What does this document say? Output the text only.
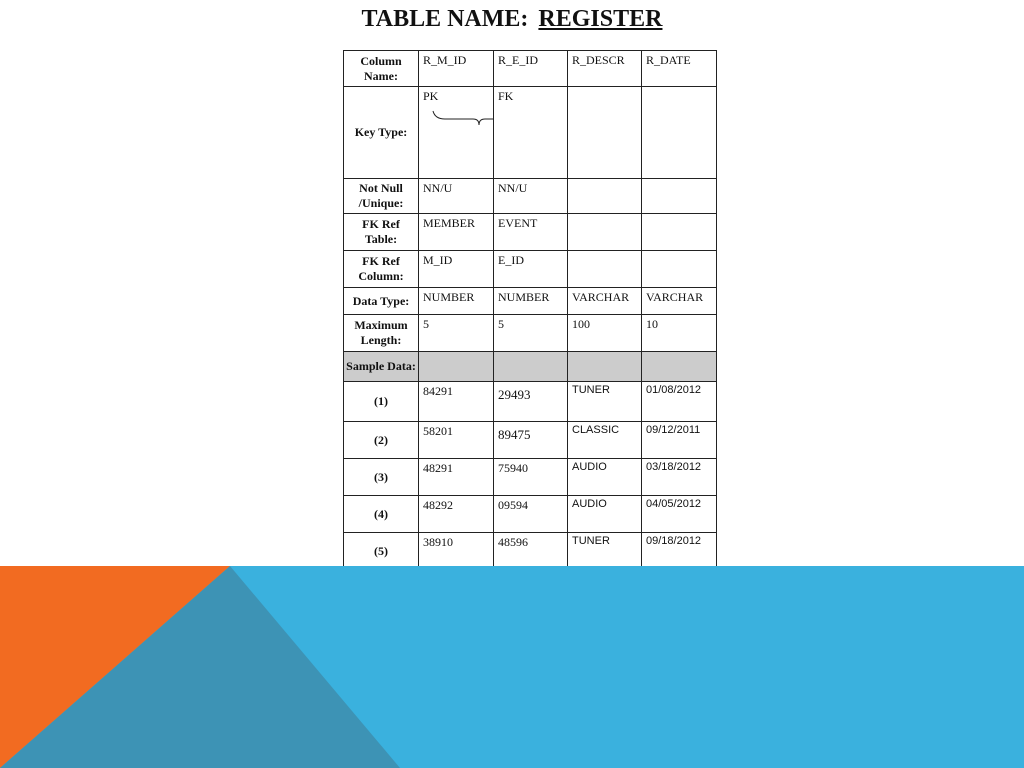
TABLE NAME: REGISTER
Column Name:	R_M_ID	R_E_ID	R_DESCR	R_DATE
Key Type:	PK	FK		
Not Null /Unique:	NN/U	NN/U		
FK Ref Table:	MEMBER	EVENT		
FK Ref Column:	M_ID	E_ID		
Data Type:	NUMBER	NUMBER	VARCHAR	VARCHAR
Maximum Length:	5	5	100	10
Sample Data:				
(1)	84291	29493	TUNER	01/08/2012
(2)	58201	89475	CLASSIC	09/12/2011
(3)	48291	75940	AUDIO	03/18/2012
(4)	48292	09594	AUDIO	04/05/2012
(5)	38910	48596	TUNER	09/18/2012
